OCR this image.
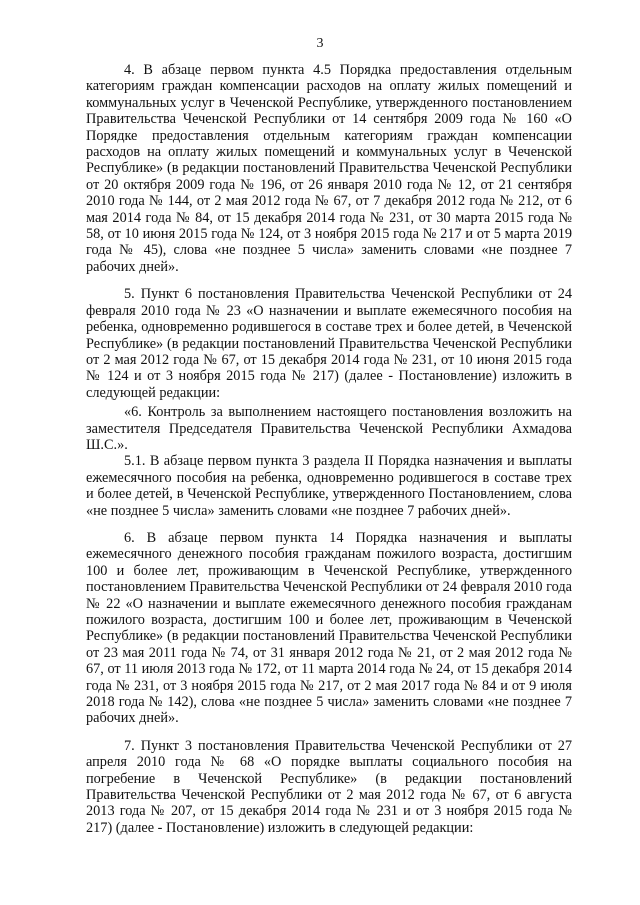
3

4. В абзаце первом пункта 4.5 Порядка предоставления отдельным категориям граждан компенсации расходов на оплату жилых помещений и коммунальных услуг в Чеченской Республике, утвержденного постановлением Правительства Чеченской Республики от 14 сентября 2009 года № 160 «О Порядке предоставления отдельным категориям граждан компенсации расходов на оплату жилых помещений и коммунальных услуг в Чеченской Республике» (в редакции постановлений Правительства Чеченской Республики от 20 октября 2009 года № 196, от 26 января 2010 года № 12, от 21 сентября 2010 года № 144, от 2 мая 2012 года № 67, от 7 декабря 2012 года № 212, от 6 мая 2014 года № 84, от 15 декабря 2014 года № 231, от 30 марта 2015 года № 58, от 10 июня 2015 года № 124, от 3 ноября 2015 года № 217 и от 5 марта 2019 года № 45), слова «не позднее 5 числа» заменить словами «не позднее 7 рабочих дней».

5. Пункт 6 постановления Правительства Чеченской Республики от 24 февраля 2010 года № 23 «О назначении и выплате ежемесячного пособия на ребенка, одновременно родившегося в составе трех и более детей, в Чеченской Республике» (в редакции постановлений Правительства Чеченской Республики от 2 мая 2012 года № 67, от 15 декабря 2014 года № 231, от 10 июня 2015 года № 124 и от 3 ноября 2015 года № 217) (далее - Постановление) изложить в следующей редакции:

«6. Контроль за выполнением настоящего постановления возложить на заместителя Председателя Правительства Чеченской Республики Ахмадова Ш.С.».

5.1. В абзаце первом пункта 3 раздела II Порядка назначения и выплаты ежемесячного пособия на ребенка, одновременно родившегося в составе трех и более детей, в Чеченской Республике, утвержденного Постановлением, слова «не позднее 5 числа» заменить словами «не позднее 7 рабочих дней».

6. В абзаце первом пункта 14 Порядка назначения и выплаты ежемесячного денежного пособия гражданам пожилого возраста, достигшим 100 и более лет, проживающим в Чеченской Республике, утвержденного постановлением Правительства Чеченской Республики от 24 февраля 2010 года № 22 «О назначении и выплате ежемесячного денежного пособия гражданам пожилого возраста, достигшим 100 и более лет, проживающим в Чеченской Республике» (в редакции постановлений Правительства Чеченской Республики от 23 мая 2011 года № 74, от 31 января 2012 года № 21, от 2 мая 2012 года № 67, от 11 июля 2013 года № 172, от 11 марта 2014 года № 24, от 15 декабря 2014 года № 231, от 3 ноября 2015 года № 217, от 2 мая 2017 года № 84 и от 9 июля 2018 года № 142), слова «не позднее 5 числа» заменить словами «не позднее 7 рабочих дней».

7. Пункт 3 постановления Правительства Чеченской Республики от 27 апреля 2010 года № 68 «О порядке выплаты социального пособия на погребение в Чеченской Республике» (в редакции постановлений Правительства Чеченской Республики от 2 мая 2012 года № 67, от 6 августа 2013 года № 207, от 15 декабря 2014 года № 231 и от 3 ноября 2015 года № 217) (далее - Постановление) изложить в следующей редакции:
